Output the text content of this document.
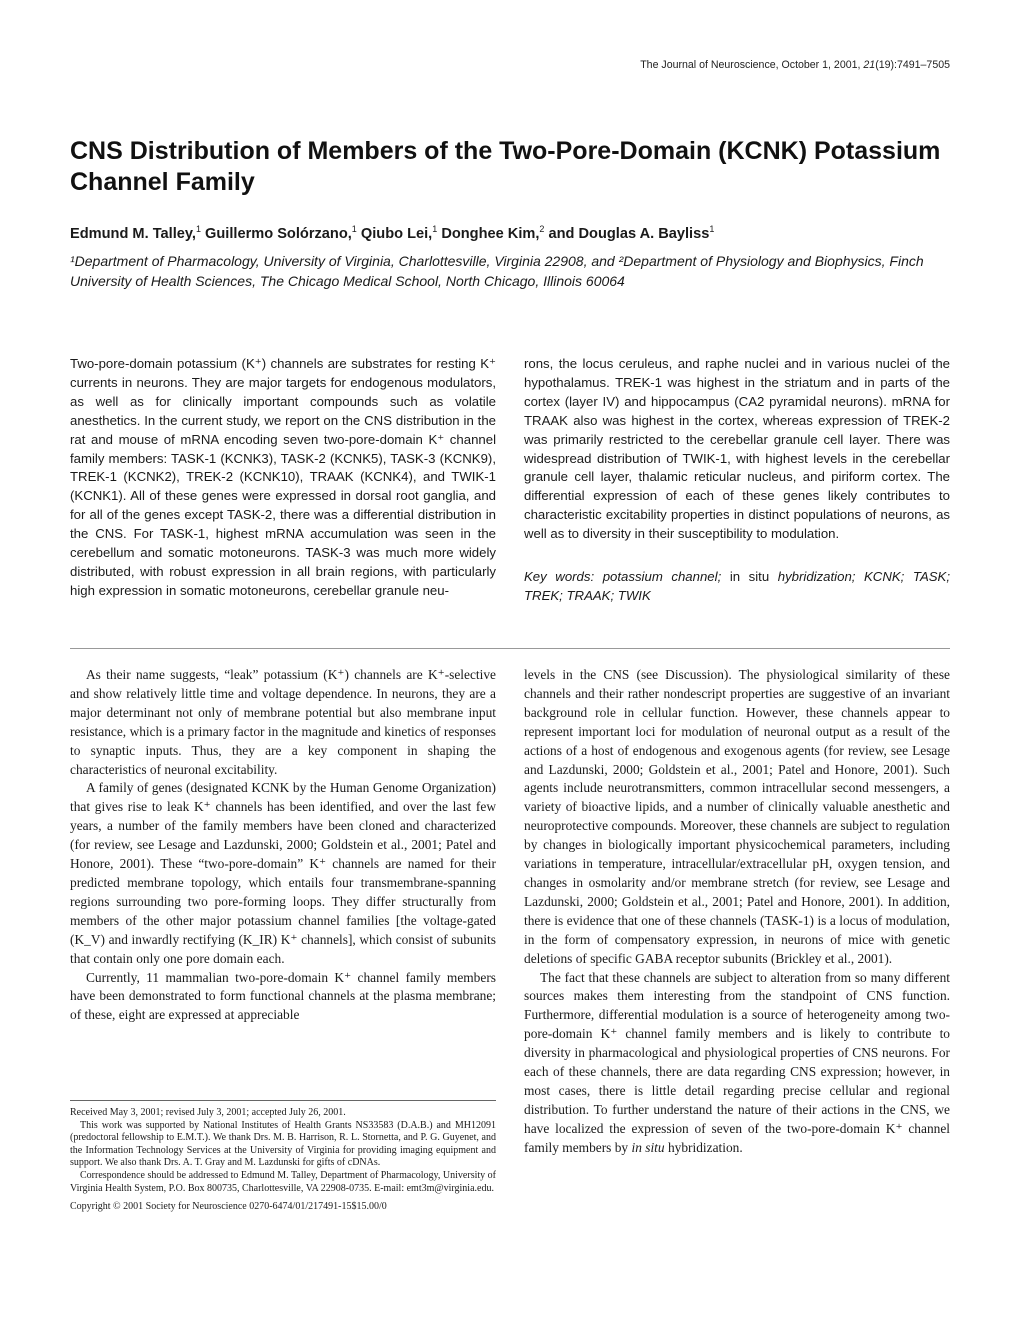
The Journal of Neuroscience, October 1, 2001, 21(19):7491–7505
CNS Distribution of Members of the Two-Pore-Domain (KCNK) Potassium Channel Family
Edmund M. Talley,$^1$ Guillermo Solórzano,$^1$ Qiubo Lei,$^1$ Donghee Kim,$^2$ and Douglas A. Bayliss$^1$
¹Department of Pharmacology, University of Virginia, Charlottesville, Virginia 22908, and ²Department of Physiology and Biophysics, Finch University of Health Sciences, The Chicago Medical School, North Chicago, Illinois 60064
Two-pore-domain potassium (K⁺) channels are substrates for resting K⁺ currents in neurons. They are major targets for endogenous modulators, as well as for clinically important compounds such as volatile anesthetics. In the current study, we report on the CNS distribution in the rat and mouse of mRNA encoding seven two-pore-domain K⁺ channel family members: TASK-1 (KCNK3), TASK-2 (KCNK5), TASK-3 (KCNK9), TREK-1 (KCNK2), TREK-2 (KCNK10), TRAAK (KCNK4), and TWIK-1 (KCNK1). All of these genes were expressed in dorsal root ganglia, and for all of the genes except TASK-2, there was a differential distribution in the CNS. For TASK-1, highest mRNA accumulation was seen in the cerebellum and somatic motoneurons. TASK-3 was much more widely distributed, with robust expression in all brain regions, with particularly high expression in somatic motoneurons, cerebellar granule neu-
rons, the locus ceruleus, and raphe nuclei and in various nuclei of the hypothalamus. TREK-1 was highest in the striatum and in parts of the cortex (layer IV) and hippocampus (CA2 pyramidal neurons). mRNA for TRAAK also was highest in the cortex, whereas expression of TREK-2 was primarily restricted to the cerebellar granule cell layer. There was widespread distribution of TWIK-1, with highest levels in the cerebellar granule cell layer, thalamic reticular nucleus, and piriform cortex. The differential expression of each of these genes likely contributes to characteristic excitability properties in distinct populations of neurons, as well as to diversity in their susceptibility to modulation.
Key words: potassium channel; in situ hybridization; KCNK; TASK; TREK; TRAAK; TWIK

As their name suggests, “leak” potassium (K⁺) channels are K⁺-selective and show relatively little time and voltage dependence. In neurons, they are a major determinant not only of membrane potential but also membrane input resistance, which is a primary factor in the magnitude and kinetics of responses to synaptic inputs. Thus, they are a key component in shaping the characteristics of neuronal excitability.

A family of genes (designated KCNK by the Human Genome Organization) that gives rise to leak K⁺ channels has been identified, and over the last few years, a number of the family members have been cloned and characterized (for review, see Lesage and Lazdunski, 2000; Goldstein et al., 2001; Patel and Honore, 2001). These “two-pore-domain” K⁺ channels are named for their predicted membrane topology, which entails four transmembrane-spanning regions surrounding two pore-forming loops. They differ structurally from members of the other major potassium channel families [the voltage-gated (K_V) and inwardly rectifying (K_IR) K⁺ channels], which consist of subunits that contain only one pore domain each.

Currently, 11 mammalian two-pore-domain K⁺ channel family members have been demonstrated to form functional channels at the plasma membrane; of these, eight are expressed at appreciable

levels in the CNS (see Discussion). The physiological similarity of these channels and their rather nondescript properties are suggestive of an invariant background role in cellular function. However, these channels appear to represent important loci for modulation of neuronal output as a result of the actions of a host of endogenous and exogenous agents (for review, see Lesage and Lazdunski, 2000; Goldstein et al., 2001; Patel and Honore, 2001). Such agents include neurotransmitters, common intracellular second messengers, a variety of bioactive lipids, and a number of clinically valuable anesthetic and neuroprotective compounds. Moreover, these channels are subject to regulation by changes in biologically important physicochemical parameters, including variations in temperature, intracellular/extracellular pH, oxygen tension, and changes in osmolarity and/or membrane stretch (for review, see Lesage and Lazdunski, 2000; Goldstein et al., 2001; Patel and Honore, 2001). In addition, there is evidence that one of these channels (TASK-1) is a locus of modulation, in the form of compensatory expression, in neurons of mice with genetic deletions of specific GABA receptor subunits (Brickley et al., 2001).

The fact that these channels are subject to alteration from so many different sources makes them interesting from the standpoint of CNS function. Furthermore, differential modulation is a source of heterogeneity among two-pore-domain K⁺ channel family members and is likely to contribute to diversity in pharmacological and physiological properties of CNS neurons. For each of these channels, there are data regarding CNS expression; however, in most cases, there is little detail regarding precise cellular and regional distribution. To further understand the nature of their actions in the CNS, we have localized the expression of seven of the two-pore-domain K⁺ channel family members by in situ hybridization.

Received May 3, 2001; revised July 3, 2001; accepted July 26, 2001.

This work was supported by National Institutes of Health Grants NS33583 (D.A.B.) and MH12091 (predoctoral fellowship to E.M.T.). We thank Drs. M. B. Harrison, R. L. Stornetta, and P. G. Guyenet, and the Information Technology Services at the University of Virginia for providing imaging equipment and support. We also thank Drs. A. T. Gray and M. Lazdunski for gifts of cDNAs.

Correspondence should be addressed to Edmund M. Talley, Department of Pharmacology, University of Virginia Health System, P.O. Box 800735, Charlottesville, VA 22908-0735. E-mail: emt3m@virginia.edu.

Copyright © 2001 Society for Neuroscience 0270-6474/01/217491-15$15.00/0
